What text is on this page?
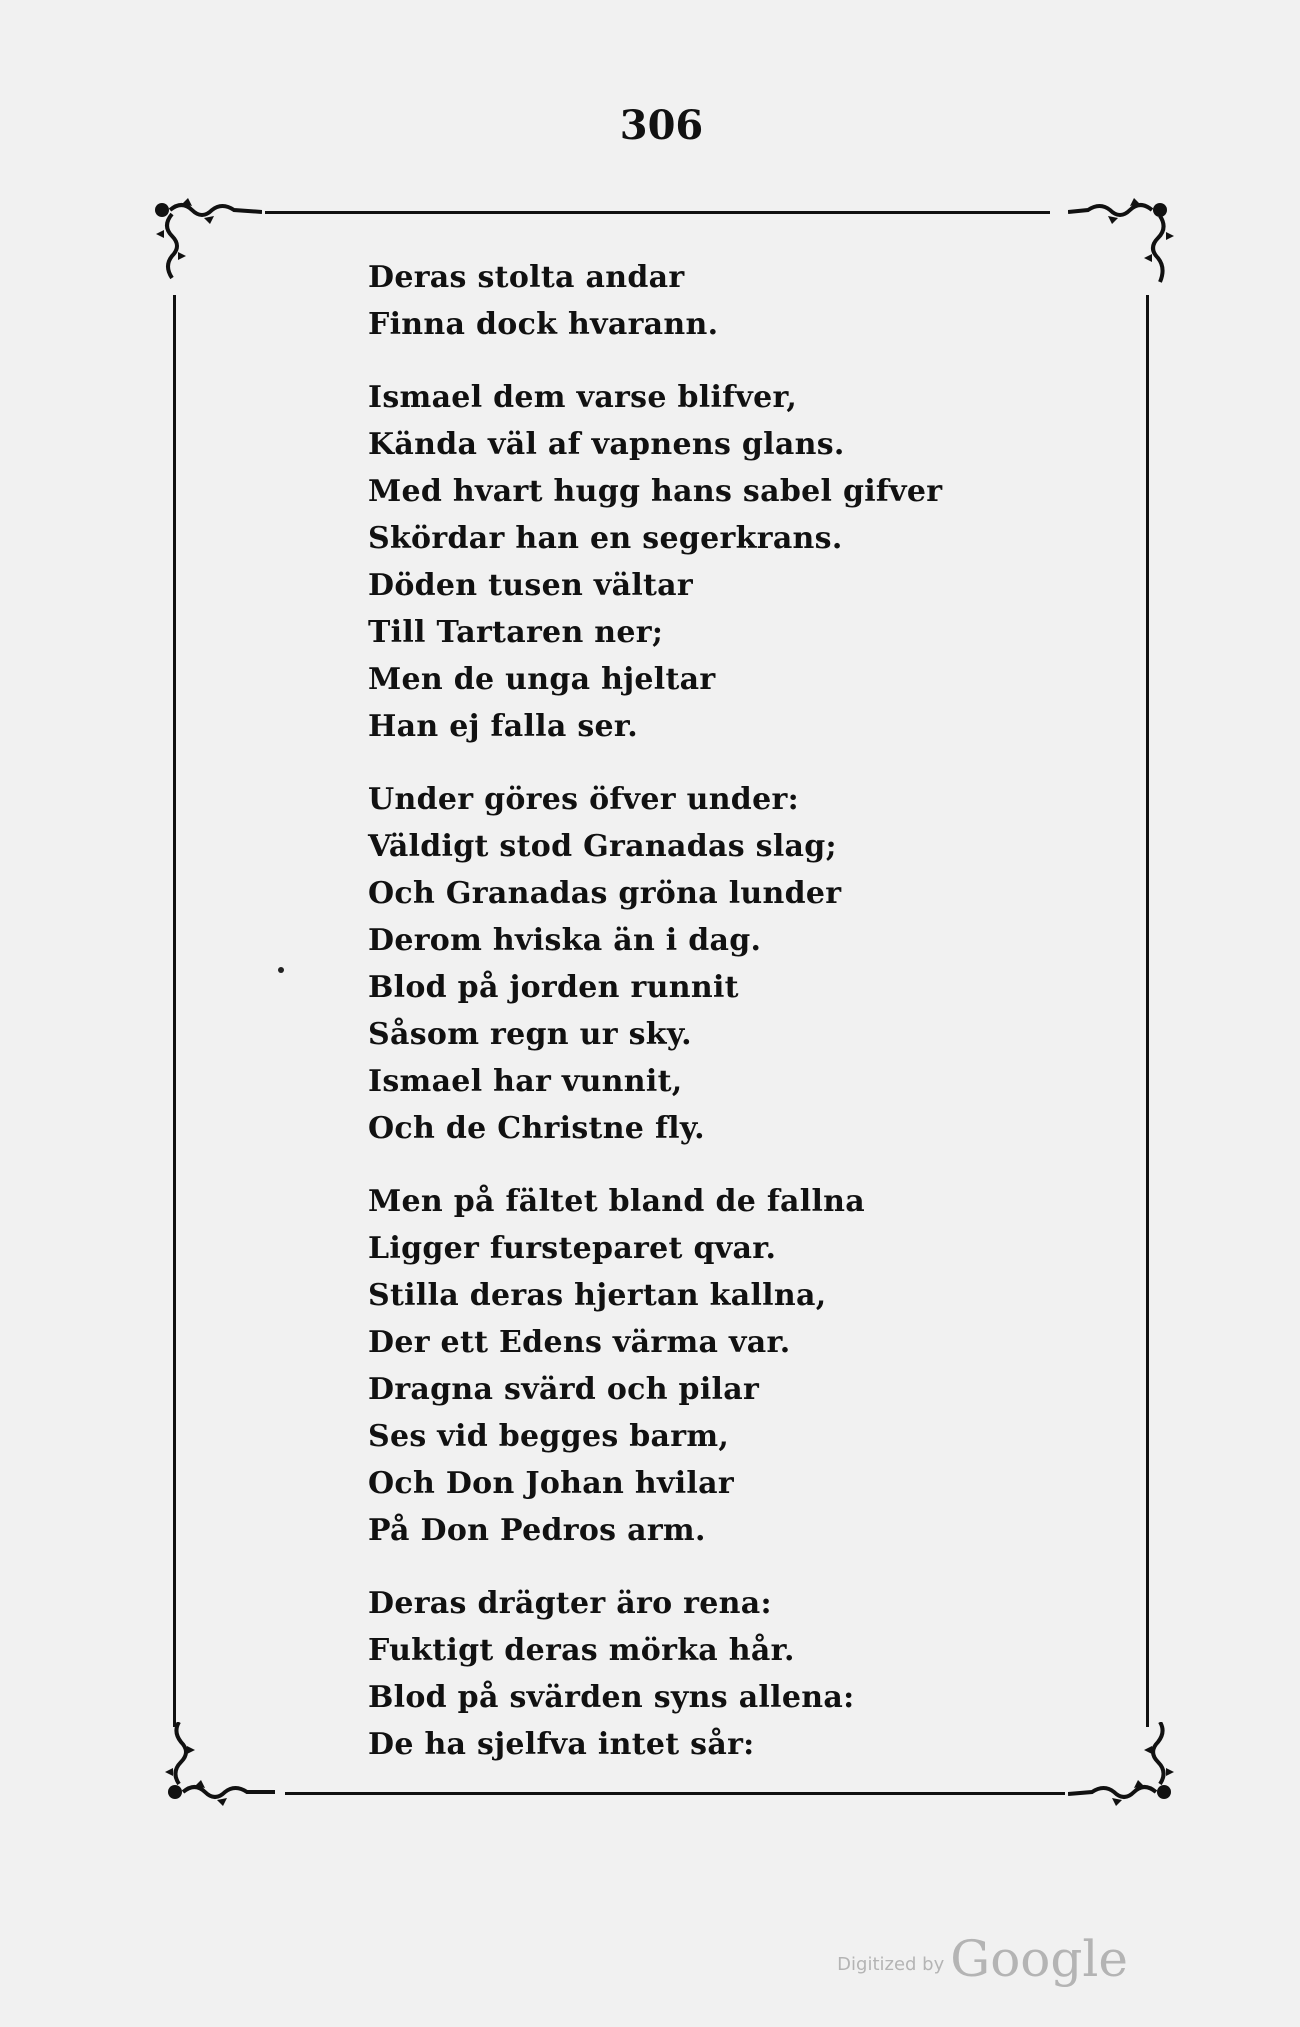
306
Deras stolta andar
Finna dock hvarann.
Ismael dem varse blifver,
Kända väl af vapnens glans.
Med hvart hugg hans sabel gifver
Skördar han en segerkrans.
Döden tusen vältar
Till Tartaren ner;
Men de unga hjeltar
Han ej falla ser.
Under göres öfver under:
Väldigt stod Granadas slag;
Och Granadas gröna lunder
Derom hviska än i dag.
Blod på jorden runnit
Såsom regn ur sky.
Ismael har vunnit,
Och de Christne fly.
Men på fältet bland de fallna
Ligger fursteparet qvar.
Stilla deras hjertan kallna,
Der ett Edens värma var.
Dragna svärd och pilar
Ses vid begges barm,
Och Don Johan hvilar
På Don Pedros arm.
Deras drägter äro rena:
Fuktigt deras mörka hår.
Blod på svärden syns allena:
De ha sjelfva intet sår:
Digitized by Google
